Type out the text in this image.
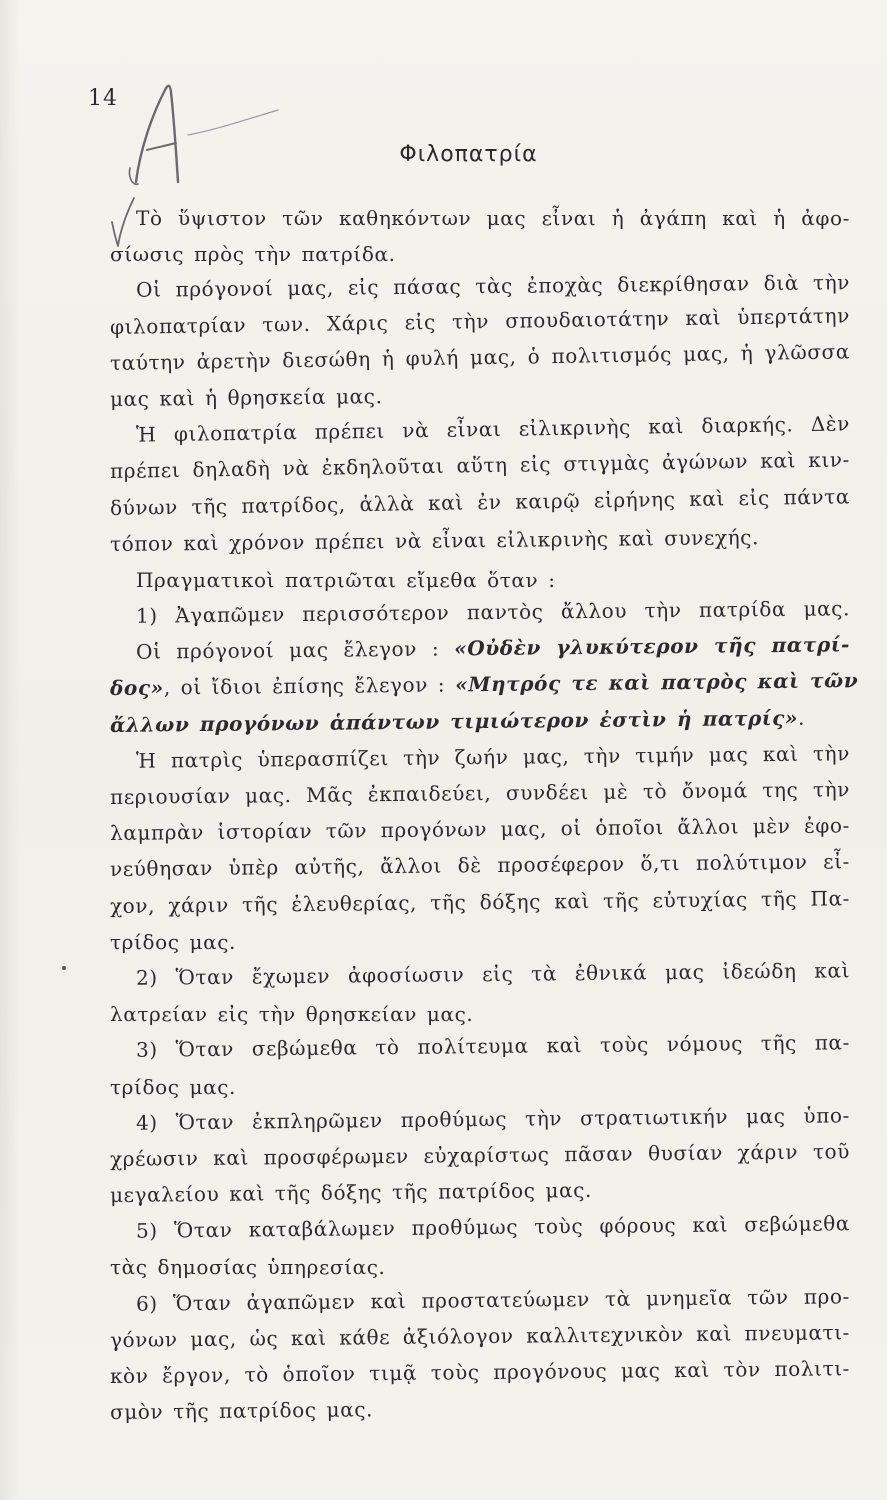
14
Φιλοπατρία
Τὸ ὕψιστον τῶν καθηκόντων μας εἶναι ἡ ἀγάπη καὶ ἡ ἀφο-
σίωσις πρὸς τὴν πατρίδα.
Οἱ πρόγονοί μας, εἰς πάσας τὰς ἐποχὰς διεκρίθησαν διὰ τὴν
φιλοπατρίαν των. Χάρις εἰς τὴν σπουδαιοτάτην καὶ ὑπερτάτην
ταύτην ἀρετὴν διεσώθη ἡ φυλή μας, ὁ πολιτισμός μας, ἡ γλῶσσα
μας καὶ ἡ θρησκεία μας.
Ἡ φιλοπατρία πρέπει νὰ εἶναι εἰλικρινὴς καὶ διαρκής. Δὲν
πρέπει δηλαδὴ νὰ ἐκδηλοῦται αὕτη εἰς στιγμὰς ἀγώνων καὶ κιν-
δύνων τῆς πατρίδος, ἀλλὰ καὶ ἐν καιρῷ εἰρήνης καὶ εἰς πάντα
τόπον καὶ χρόνον πρέπει νὰ εἶναι εἰλικρινὴς καὶ συνεχής.
Πραγματικοὶ πατριῶται εἴμεθα ὅταν :
1) Ἀγαπῶμεν περισσότερον παντὸς ἄλλου τὴν πατρίδα μας.
Οἱ πρόγονοί μας ἔλεγον : «Οὐδὲν γλυκύτερον τῆς πατρί-
δος», οἱ ἴδιοι ἐπίσης ἔλεγον : «Μητρός τε καὶ πατρὸς καὶ τῶν
ἄλλων προγόνων ἁπάντων τιμιώτερον ἐστὶν ἡ πατρίς».
Ἡ πατρὶς ὑπερασπίζει τὴν ζωήν μας, τὴν τιμήν μας καὶ τὴν
περιουσίαν μας. Μᾶς ἐκπαιδεύει, συνδέει μὲ τὸ ὄνομά της τὴν
λαμπρὰν ἱστορίαν τῶν προγόνων μας, οἱ ὁποῖοι ἄλλοι μὲν ἐφο-
νεύθησαν ὑπὲρ αὐτῆς, ἄλλοι δὲ προσέφερον ὅ,τι πολύτιμον εἶ-
χον, χάριν τῆς ἐλευθερίας, τῆς δόξης καὶ τῆς εὐτυχίας τῆς Πα-
τρίδος μας.
2) Ὅταν ἔχωμεν ἀφοσίωσιν εἰς τὰ ἐθνικά μας ἰδεώδη καὶ
λατρείαν εἰς τὴν θρησκείαν μας.
3) Ὅταν σεβώμεθα τὸ πολίτευμα καὶ τοὺς νόμους τῆς πα-
τρίδος μας.
4) Ὅταν ἐκπληρῶμεν προθύμως τὴν στρατιωτικήν μας ὑπο-
χρέωσιν καὶ προσφέρωμεν εὐχαρίστως πᾶσαν θυσίαν χάριν τοῦ
μεγαλείου καὶ τῆς δόξης τῆς πατρίδος μας.
5) Ὅταν καταβάλωμεν προθύμως τοὺς φόρους καὶ σεβώμεθα
τὰς δημοσίας ὑπηρεσίας.
6) Ὅταν ἀγαπῶμεν καὶ προστατεύωμεν τὰ μνημεῖα τῶν προ-
γόνων μας, ὡς καὶ κάθε ἀξιόλογον καλλιτεχνικὸν καὶ πνευματι-
κὸν ἔργον, τὸ ὁποῖον τιμᾷ τοὺς προγόνους μας καὶ τὸν πολιτι-
σμὸν τῆς πατρίδος μας.
